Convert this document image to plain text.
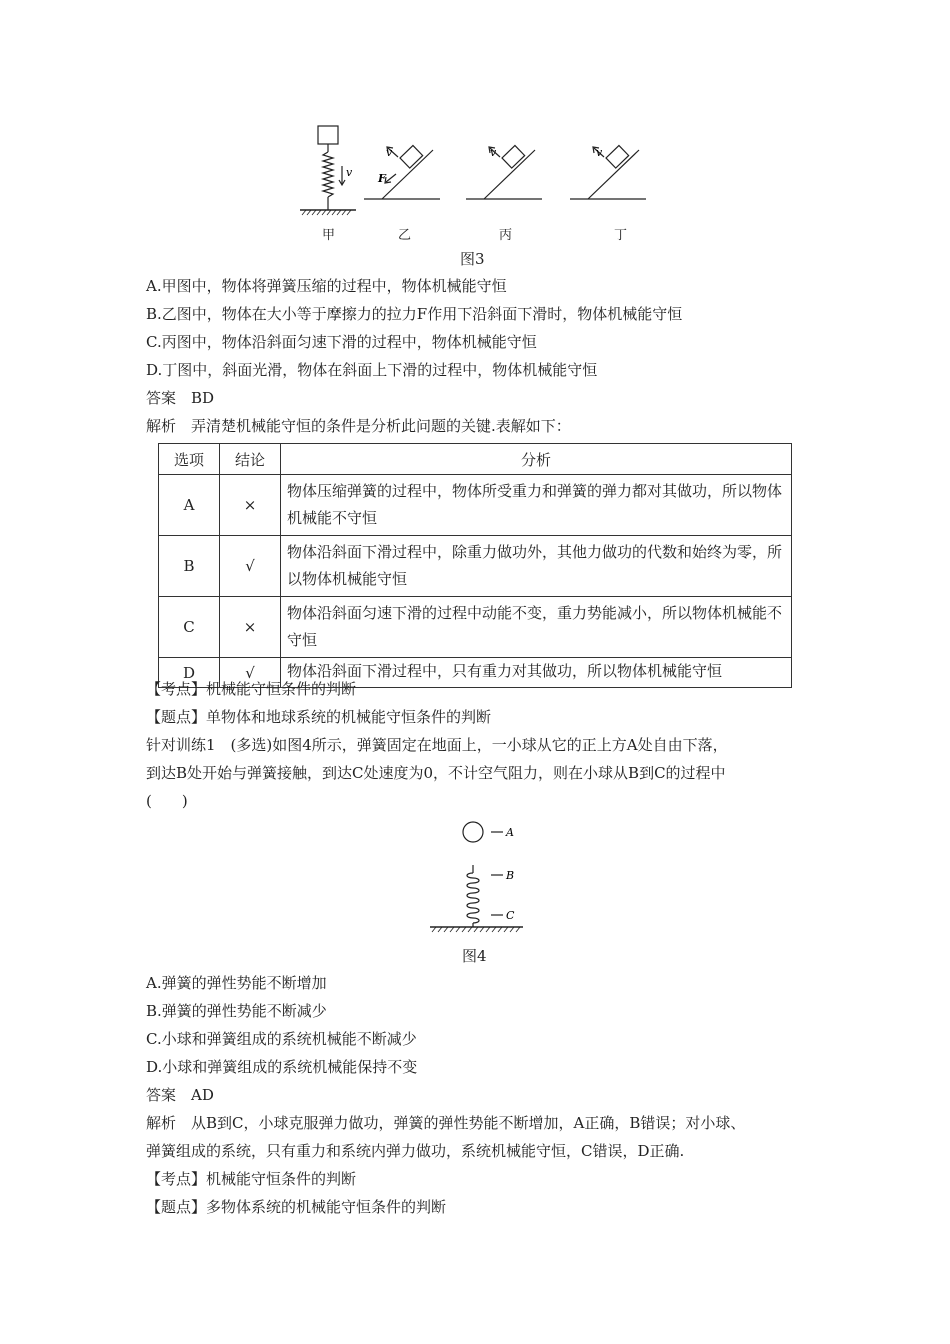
v
v
F
v	v
甲	乙	丙	丁
图3
A.甲图中，物体将弹簧压缩的过程中，物体机械能守恒
B.乙图中，物体在大小等于摩擦力的拉力F作用下沿斜面下滑时，物体机械能守恒
C.丙图中，物体沿斜面匀速下滑的过程中，物体机械能守恒
D.丁图中，斜面光滑，物体在斜面上下滑的过程中，物体机械能守恒
答案　BD
解析　弄清楚机械能守恒的条件是分析此问题的关键.表解如下：
选项	结论	分析
A	×	物体压缩弹簧的过程中，物体所受重力和弹簧的弹力都对其做功，所以物体机械能不守恒
B	√	物体沿斜面下滑过程中，除重力做功外，其他力做功的代数和始终为零，所以物体机械能守恒
C	×	物体沿斜面匀速下滑的过程中动能不变，重力势能减小，所以物体机械能不守恒
D	√	物体沿斜面下滑过程中，只有重力对其做功，所以物体机械能守恒
【考点】机械能守恒条件的判断
【题点】单物体和地球系统的机械能守恒条件的判断
针对训练1　(多选)如图4所示，弹簧固定在地面上，一小球从它的正上方A处自由下落，
到达B处开始与弹簧接触，到达C处速度为0，不计空气阻力，则在小球从B到C的过程中
(　　)
A
B
C
图4
A.弹簧的弹性势能不断增加
B.弹簧的弹性势能不断减少
C.小球和弹簧组成的系统机械能不断减少
D.小球和弹簧组成的系统机械能保持不变
答案　AD
解析　从B到C，小球克服弹力做功，弹簧的弹性势能不断增加，A正确，B错误；对小球、
弹簧组成的系统，只有重力和系统内弹力做功，系统机械能守恒，C错误，D正确.
【考点】机械能守恒条件的判断
【题点】多物体系统的机械能守恒条件的判断
